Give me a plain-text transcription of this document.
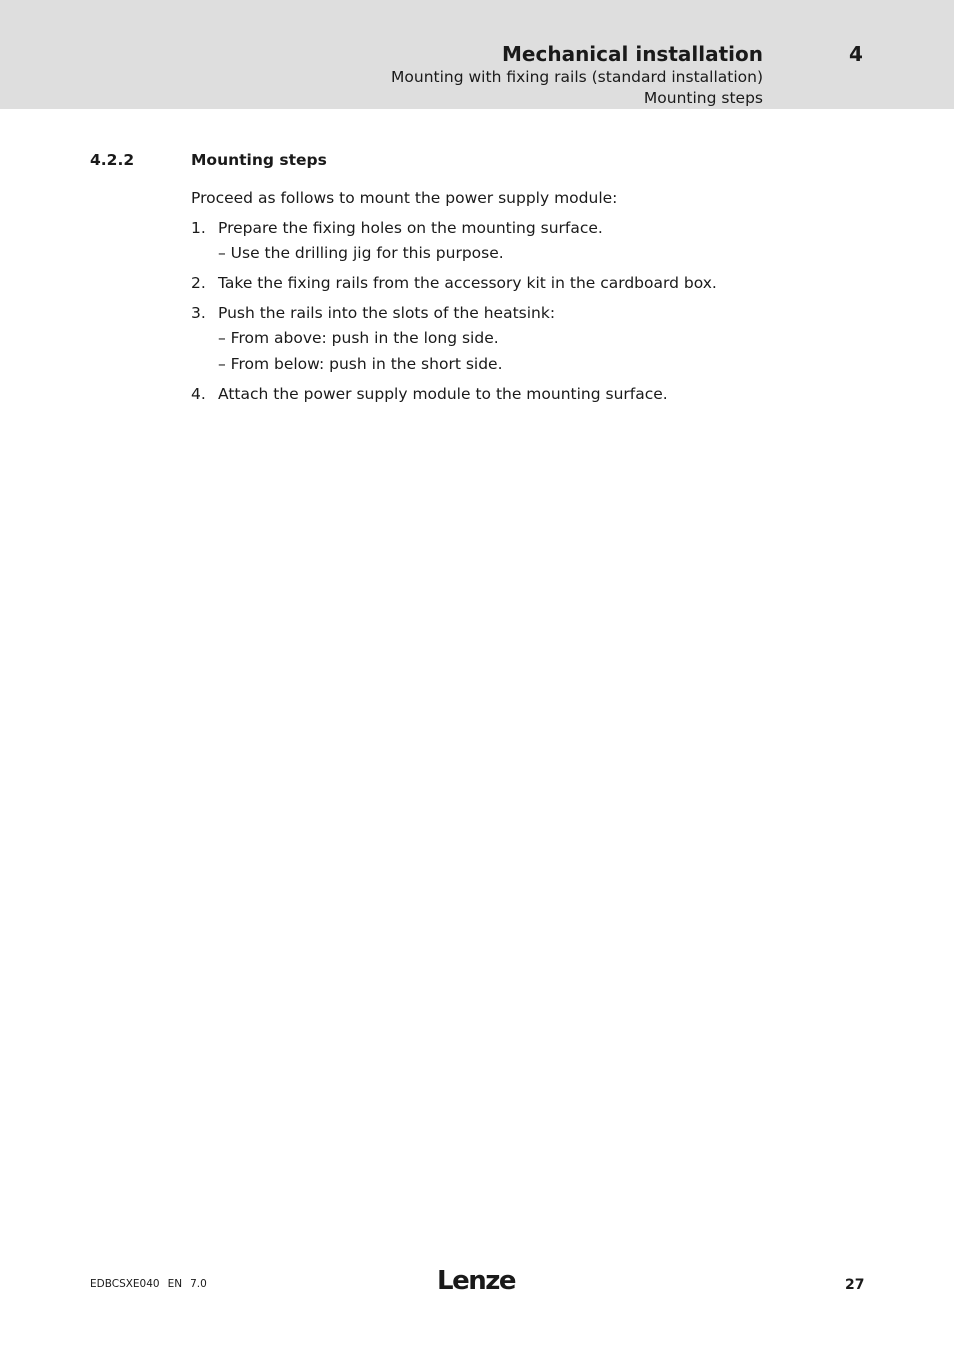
Mechanical installation	4
Mounting with fixing rails (standard installation)
Mounting steps
4.2.2	Mounting steps
Proceed as follows to mount the power supply module:
1. Prepare the fixing holes on the mounting surface.
– Use the drilling jig for this purpose.
2. Take the fixing rails from the accessory kit in the cardboard box.
3. Push the rails into the slots of the heatsink:
– From above: push in the long side.
– From below: push in the short side.
4. Attach the power supply module to the mounting surface.
EDBCSXE040 EN 7.0	Lenze	27
